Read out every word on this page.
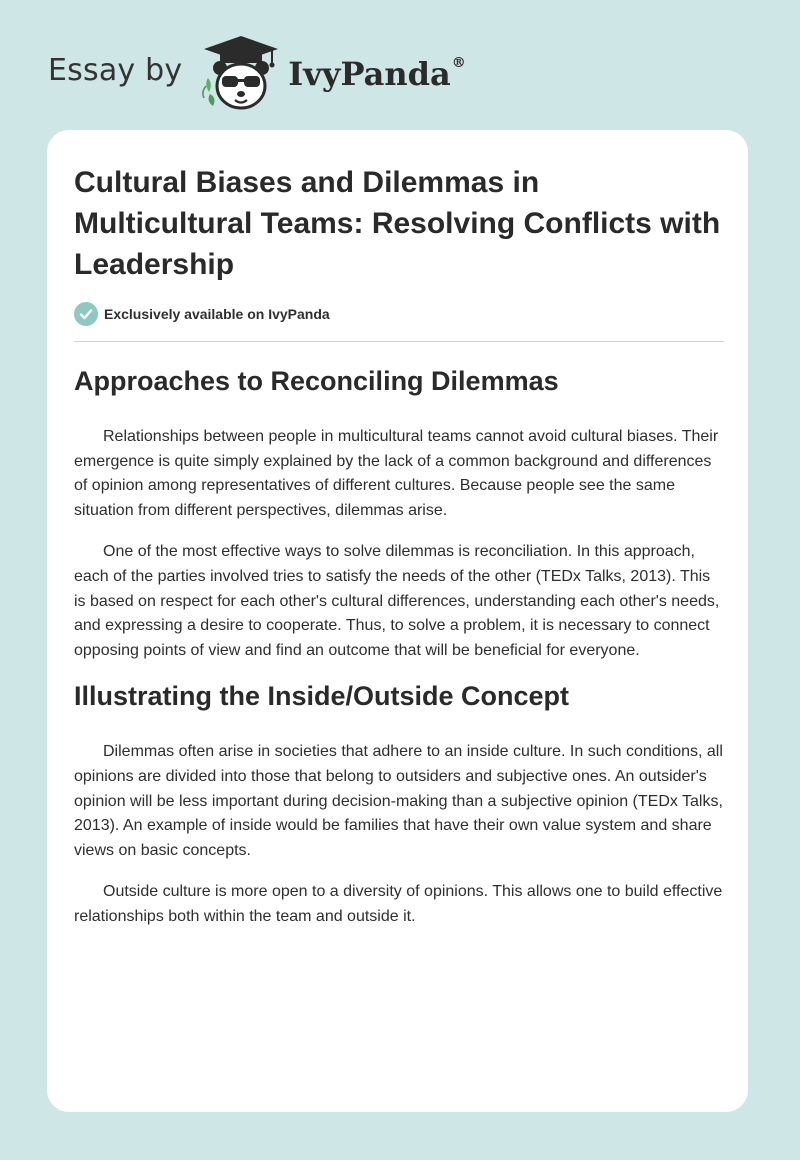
Essay by	IvyPanda®
Cultural Biases and Dilemmas in Multicultural Teams: Resolving Conflicts with Leadership
Exclusively available on IvyPanda
Approaches to Reconciling Dilemmas

Relationships between people in multicultural teams cannot avoid cultural biases. Their emergence is quite simply explained by the lack of a common background and differences of opinion among representatives of different cultures. Because people see the same situation from different perspectives, dilemmas arise.

One of the most effective ways to solve dilemmas is reconciliation. In this approach, each of the parties involved tries to satisfy the needs of the other (TEDx Talks, 2013). This is based on respect for each other's cultural differences, understanding each other's needs, and expressing a desire to cooperate. Thus, to solve a problem, it is necessary to connect opposing points of view and find an outcome that will be beneficial for everyone.

Illustrating the Inside/Outside Concept

Dilemmas often arise in societies that adhere to an inside culture. In such conditions, all opinions are divided into those that belong to outsiders and subjective ones. An outsider's opinion will be less important during decision-making than a subjective opinion (TEDx Talks, 2013). An example of inside would be families that have their own value system and share views on basic concepts.

Outside culture is more open to a diversity of opinions. This allows one to build effective relationships both within the team and outside it.
